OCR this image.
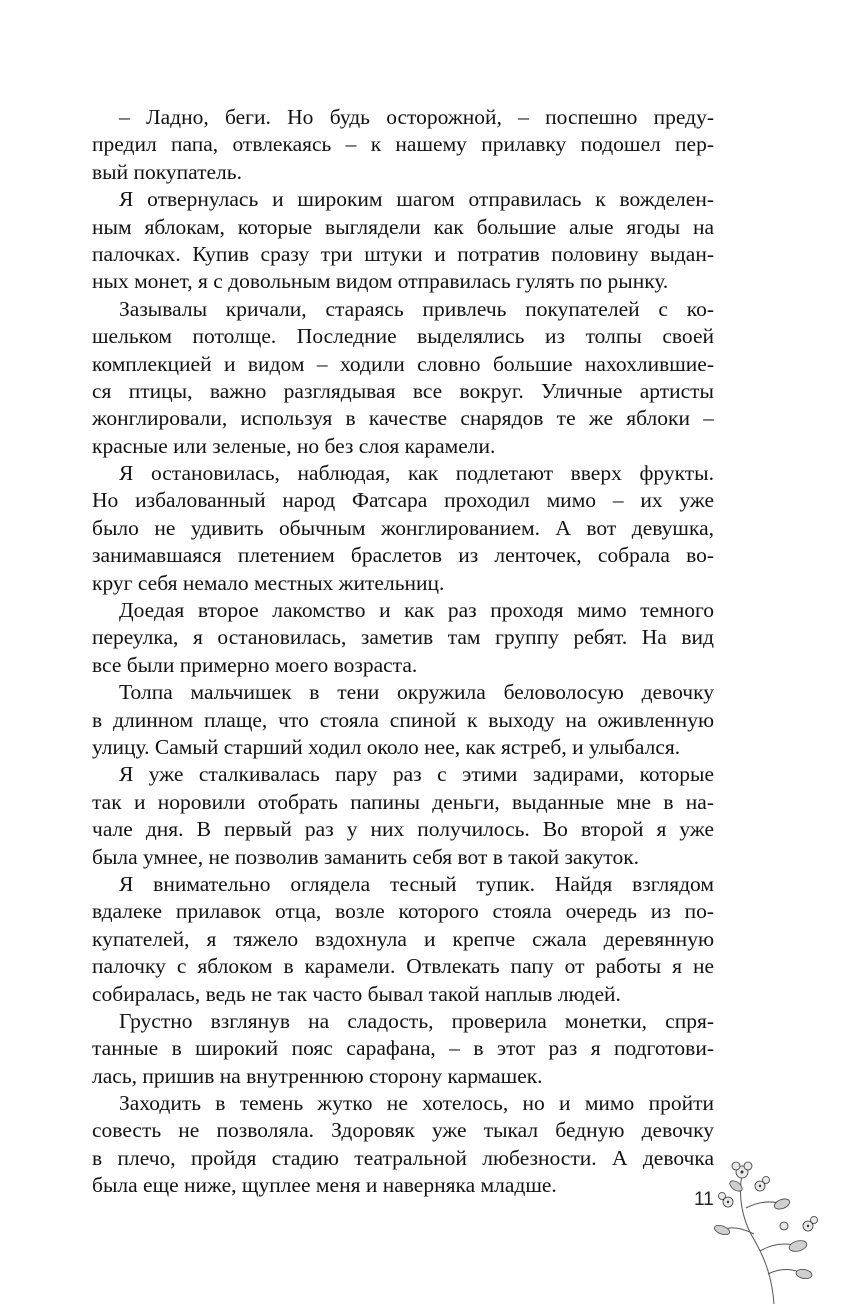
– Ладно, беги. Но будь осторожной, – поспешно преду-
предил папа, отвлекаясь – к нашему прилавку подошел пер-
вый покупатель.
Я отвернулась и широким шагом отправилась к вожделен-
ным яблокам, которые выглядели как большие алые ягоды на
палочках. Купив сразу три штуки и потратив половину выдан-
ных монет, я с довольным видом отправилась гулять по рынку.
Зазывалы кричали, стараясь привлечь покупателей с ко-
шельком потолще. Последние выделялись из толпы своей
комплекцией и видом – ходили словно большие нахохлившие-
ся птицы, важно разглядывая все вокруг. Уличные артисты
жонглировали, используя в качестве снарядов те же яблоки –
красные или зеленые, но без слоя карамели.
Я остановилась, наблюдая, как подлетают вверх фрукты.
Но избалованный народ Фатсара проходил мимо – их уже
было не удивить обычным жонглированием. А вот девушка,
занимавшаяся плетением браслетов из ленточек, собрала во-
круг себя немало местных жительниц.
Доедая второе лакомство и как раз проходя мимо темного
переулка, я остановилась, заметив там группу ребят. На вид
все были примерно моего возраста.
Толпа мальчишек в тени окружила беловолосую девочку
в длинном плаще, что стояла спиной к выходу на оживленную
улицу. Самый старший ходил около нее, как ястреб, и улыбался.
Я уже сталкивалась пару раз с этими задирами, которые
так и норовили отобрать папины деньги, выданные мне в на-
чале дня. В первый раз у них получилось. Во второй я уже
была умнее, не позволив заманить себя вот в такой закуток.
Я внимательно оглядела тесный тупик. Найдя взглядом
вдалеке прилавок отца, возле которого стояла очередь из по-
купателей, я тяжело вздохнула и крепче сжала деревянную
палочку с яблоком в карамели. Отвлекать папу от работы я не
собиралась, ведь не так часто бывал такой наплыв людей.
Грустно взглянув на сладость, проверила монетки, спря-
танные в широкий пояс сарафана, – в этот раз я подготови-
лась, пришив на внутреннюю сторону кармашек.
Заходить в темень жутко не хотелось, но и мимо пройти
совесть не позволяла. Здоровяк уже тыкал бедную девочку
в плечо, пройдя стадию театральной любезности. А девочка
была еще ниже, щуплее меня и наверняка младше.
11
